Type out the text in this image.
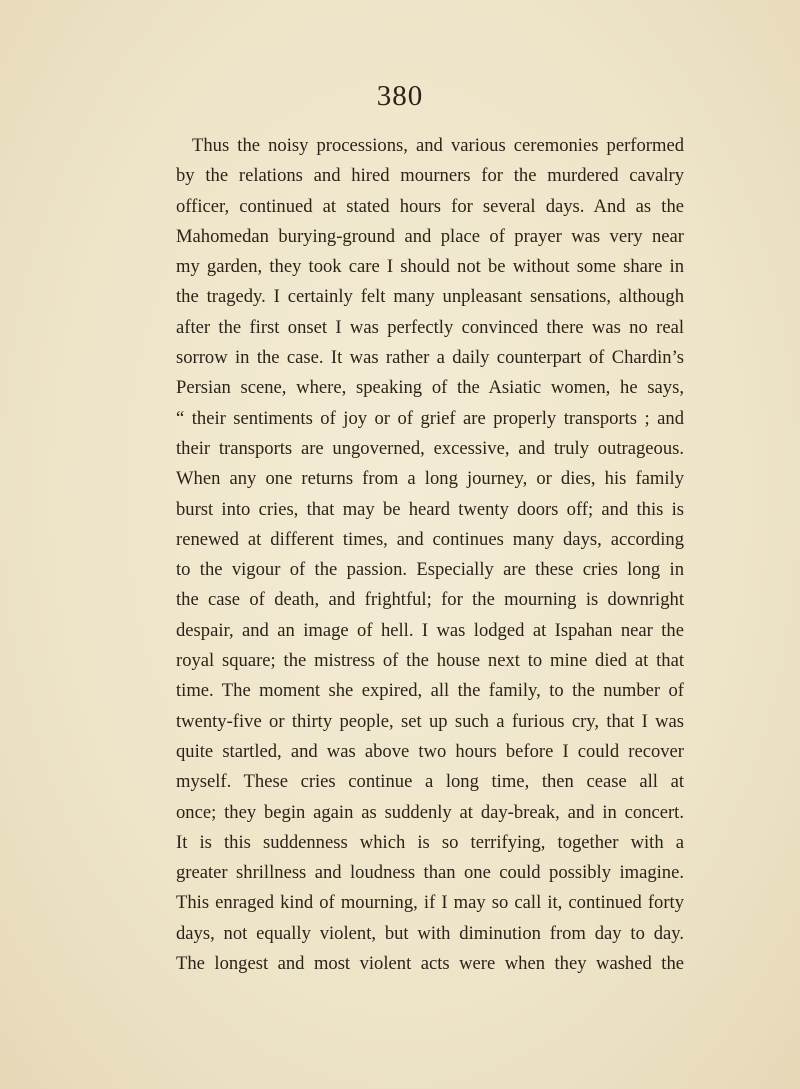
380
Thus the noisy processions, and various ceremonies performed
by the relations and hired mourners for the murdered cavalry
officer, continued at stated hours for several days. And as the
Mahomedan burying-ground and place of prayer was very near
my garden, they took care I should not be without some share in
the tragedy. I certainly felt many unpleasant sensations, although
after the first onset I was perfectly convinced there was no real
sorrow in the case. It was rather a daily counterpart of Chardin’s
Persian scene, where, speaking of the Asiatic women, he says,
“ their sentiments of joy or of grief are properly transports ; and
their transports are ungoverned, excessive, and truly outrageous.
When any one returns from a long journey, or dies, his family
burst into cries, that may be heard twenty doors off; and this is
renewed at different times, and continues many days, according
to the vigour of the passion. Especially are these cries long in
the case of death, and frightful; for the mourning is downright
despair, and an image of hell. I was lodged at Ispahan near the
royal square; the mistress of the house next to mine died at that
time. The moment she expired, all the family, to the number of
twenty-five or thirty people, set up such a furious cry, that I was
quite startled, and was above two hours before I could recover
myself. These cries continue a long time, then cease all at
once; they begin again as suddenly at day-break, and in concert.
It is this suddenness which is so terrifying, together with a
greater shrillness and loudness than one could possibly imagine.
This enraged kind of mourning, if I may so call it, continued forty
days, not equally violent, but with diminution from day to day.
The longest and most violent acts were when they washed the
